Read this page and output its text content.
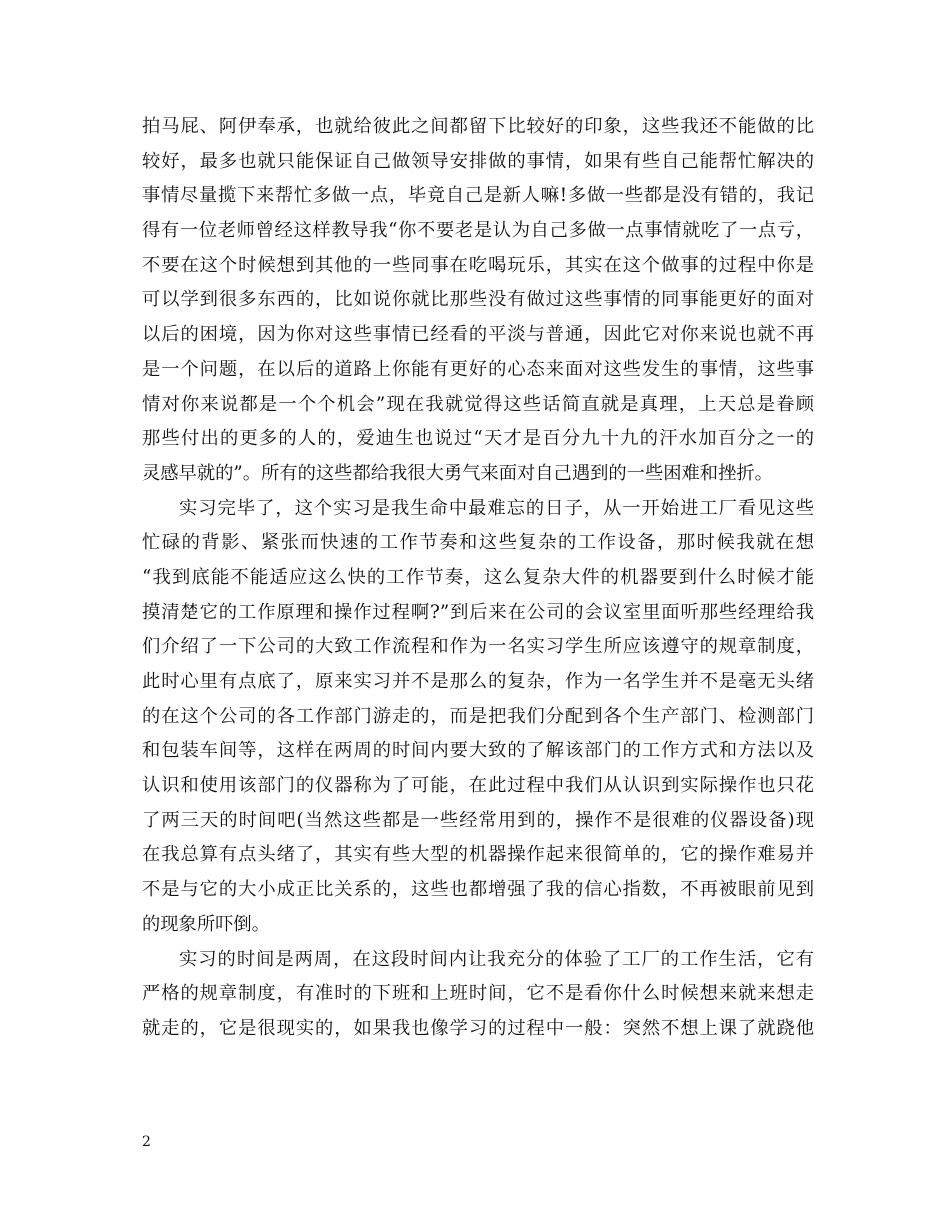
拍马屁、阿伊奉承，也就给彼此之间都留下比较好的印象，这些我还不能做的比
较好，最多也就只能保证自己做领导安排做的事情，如果有些自己能帮忙解决的
事情尽量揽下来帮忙多做一点，毕竟自己是新人嘛!多做一些都是没有错的，我记
得有一位老师曾经这样教导我“你不要老是认为自己多做一点事情就吃了一点亏，
不要在这个时候想到其他的一些同事在吃喝玩乐，其实在这个做事的过程中你是
可以学到很多东西的，比如说你就比那些没有做过这些事情的同事能更好的面对
以后的困境，因为你对这些事情已经看的平淡与普通，因此它对你来说也就不再
是一个问题，在以后的道路上你能有更好的心态来面对这些发生的事情，这些事
情对你来说都是一个个机会”现在我就觉得这些话简直就是真理，上天总是眷顾
那些付出的更多的人的，爱迪生也说过“天才是百分九十九的汗水加百分之一的
灵感早就的”。所有的这些都给我很大勇气来面对自己遇到的一些困难和挫折。
实习完毕了，这个实习是我生命中最难忘的日子，从一开始进工厂看见这些
忙碌的背影、紧张而快速的工作节奏和这些复杂的工作设备，那时候我就在想
“我到底能不能适应这么快的工作节奏，这么复杂大件的机器要到什么时候才能
摸清楚它的工作原理和操作过程啊?”到后来在公司的会议室里面听那些经理给我
们介绍了一下公司的大致工作流程和作为一名实习学生所应该遵守的规章制度，
此时心里有点底了，原来实习并不是那么的复杂，作为一名学生并不是毫无头绪
的在这个公司的各工作部门游走的，而是把我们分配到各个生产部门、检测部门
和包装车间等，这样在两周的时间内要大致的了解该部门的工作方式和方法以及
认识和使用该部门的仪器称为了可能，在此过程中我们从认识到实际操作也只花
了两三天的时间吧(当然这些都是一些经常用到的，操作不是很难的仪器设备)现
在我总算有点头绪了，其实有些大型的机器操作起来很简单的，它的操作难易并
不是与它的大小成正比关系的，这些也都增强了我的信心指数，不再被眼前见到
的现象所吓倒。
实习的时间是两周，在这段时间内让我充分的体验了工厂的工作生活，它有
严格的规章制度，有准时的下班和上班时间，它不是看你什么时候想来就来想走
就走的，它是很现实的，如果我也像学习的过程中一般：突然不想上课了就跷他
2
